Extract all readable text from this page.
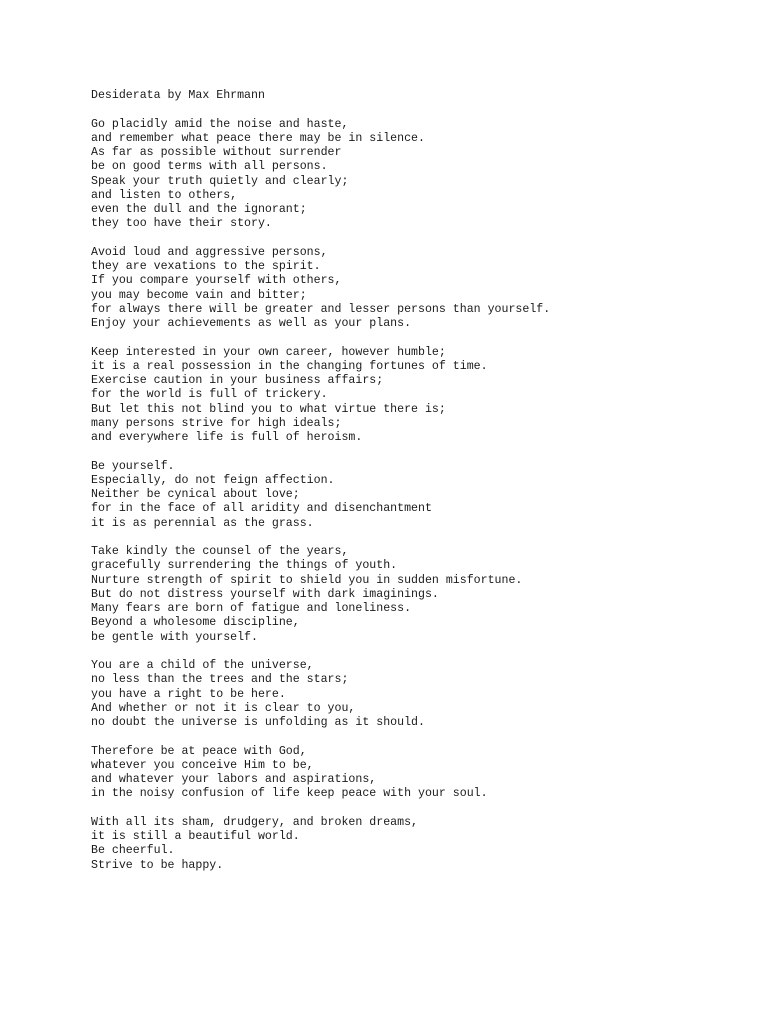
Desiderata by Max Ehrmann
Go placidly amid the noise and haste,
and remember what peace there may be in silence.
As far as possible without surrender
be on good terms with all persons.
Speak your truth quietly and clearly;
and listen to others,
even the dull and the ignorant;
they too have their story.
Avoid loud and aggressive persons,
they are vexations to the spirit.
If you compare yourself with others,
you may become vain and bitter;
for always there will be greater and lesser persons than yourself.
Enjoy your achievements as well as your plans.
Keep interested in your own career, however humble;
it is a real possession in the changing fortunes of time.
Exercise caution in your business affairs;
for the world is full of trickery.
But let this not blind you to what virtue there is;
many persons strive for high ideals;
and everywhere life is full of heroism.
Be yourself.
Especially, do not feign affection.
Neither be cynical about love;
for in the face of all aridity and disenchantment
it is as perennial as the grass.
Take kindly the counsel of the years,
gracefully surrendering the things of youth.
Nurture strength of spirit to shield you in sudden misfortune.
But do not distress yourself with dark imaginings.
Many fears are born of fatigue and loneliness.
Beyond a wholesome discipline,
be gentle with yourself.
You are a child of the universe,
no less than the trees and the stars;
you have a right to be here.
And whether or not it is clear to you,
no doubt the universe is unfolding as it should.
Therefore be at peace with God,
whatever you conceive Him to be,
and whatever your labors and aspirations,
in the noisy confusion of life keep peace with your soul.
With all its sham, drudgery, and broken dreams,
it is still a beautiful world.
Be cheerful.
Strive to be happy.
